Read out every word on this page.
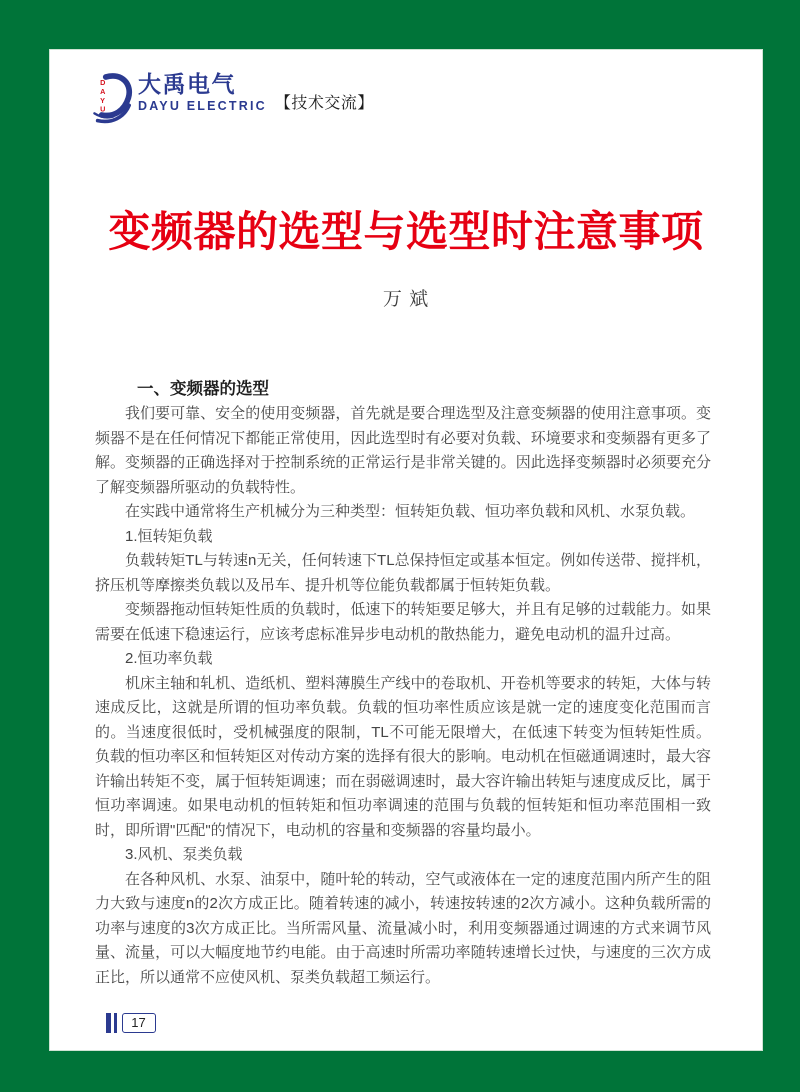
D
A
Y
U
大禹电气
DAYU ELECTRIC 【技术交流】
变频器的选型与选型时注意事项
万 斌
一、变频器的选型

我们要可靠、安全的使用变频器，首先就是要合理选型及注意变频器的使用注意事项。变频器不是在任何情况下都能正常使用，因此选型时有必要对负载、环境要求和变频器有更多了解。变频器的正确选择对于控制系统的正常运行是非常关键的。因此选择变频器时必须要充分了解变频器所驱动的负载特性。

在实践中通常将生产机械分为三种类型：恒转矩负载、恒功率负载和风机、水泵负载。

1.恒转矩负载

负载转矩TL与转速n无关，任何转速下TL总保持恒定或基本恒定。例如传送带、搅拌机，挤压机等摩擦类负载以及吊车、提升机等位能负载都属于恒转矩负载。

变频器拖动恒转矩性质的负载时，低速下的转矩要足够大，并且有足够的过载能力。如果需要在低速下稳速运行，应该考虑标准异步电动机的散热能力，避免电动机的温升过高。

2.恒功率负载

机床主轴和轧机、造纸机、塑料薄膜生产线中的卷取机、开卷机等要求的转矩，大体与转速成反比，这就是所谓的恒功率负载。负载的恒功率性质应该是就一定的速度变化范围而言的。当速度很低时，受机械强度的限制，TL不可能无限增大，在低速下转变为恒转矩性质。负载的恒功率区和恒转矩区对传动方案的选择有很大的影响。电动机在恒磁通调速时，最大容许输出转矩不变，属于恒转矩调速；而在弱磁调速时，最大容许输出转矩与速度成反比，属于恒功率调速。如果电动机的恒转矩和恒功率调速的范围与负载的恒转矩和恒功率范围相一致时，即所谓"匹配"的情况下，电动机的容量和变频器的容量均最小。

3.风机、泵类负载

在各种风机、水泵、油泵中，随叶轮的转动，空气或液体在一定的速度范围内所产生的阻力大致与速度n的2次方成正比。随着转速的减小，转速按转速的2次方减小。这种负载所需的功率与速度的3次方成正比。当所需风量、流量减小时，利用变频器通过调速的方式来调节风量、流量，可以大幅度地节约电能。由于高速时所需功率随转速增长过快，与速度的三次方成正比，所以通常不应使风机、泵类负载超工频运行。

17
